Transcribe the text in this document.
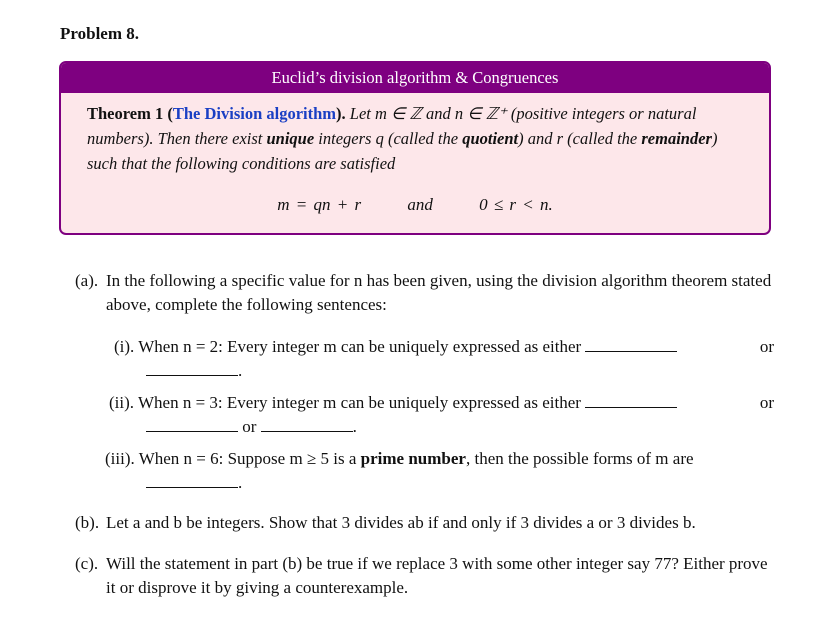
Problem 8.
Euclid’s division algorithm & Congruences
Theorem 1 (The Division algorithm). Let m ∈ ℤ and n ∈ ℤ⁺ (positive integers or natural numbers). Then there exist unique integers q (called the quotient) and r (called the remainder) such that the following conditions are satisfied
m = qn + r	and	0 ≤ r < n.
(a). In the following a specific value for n has been given, using the division algorithm theorem stated above, complete the following sentences:
(i). When n = 2: Every integer m can be uniquely expressed as either	or
.
(ii). When n = 3: Every integer m can be uniquely expressed as either	or
or	.
(iii). When n = 6: Suppose m ≥ 5 is a prime number, then the possible forms of m are
.
(b). Let a and b be integers. Show that 3 divides ab if and only if 3 divides a or 3 divides b.
(c). Will the statement in part (b) be true if we replace 3 with some other integer say 77? Either prove it or disprove it by giving a counterexample.
